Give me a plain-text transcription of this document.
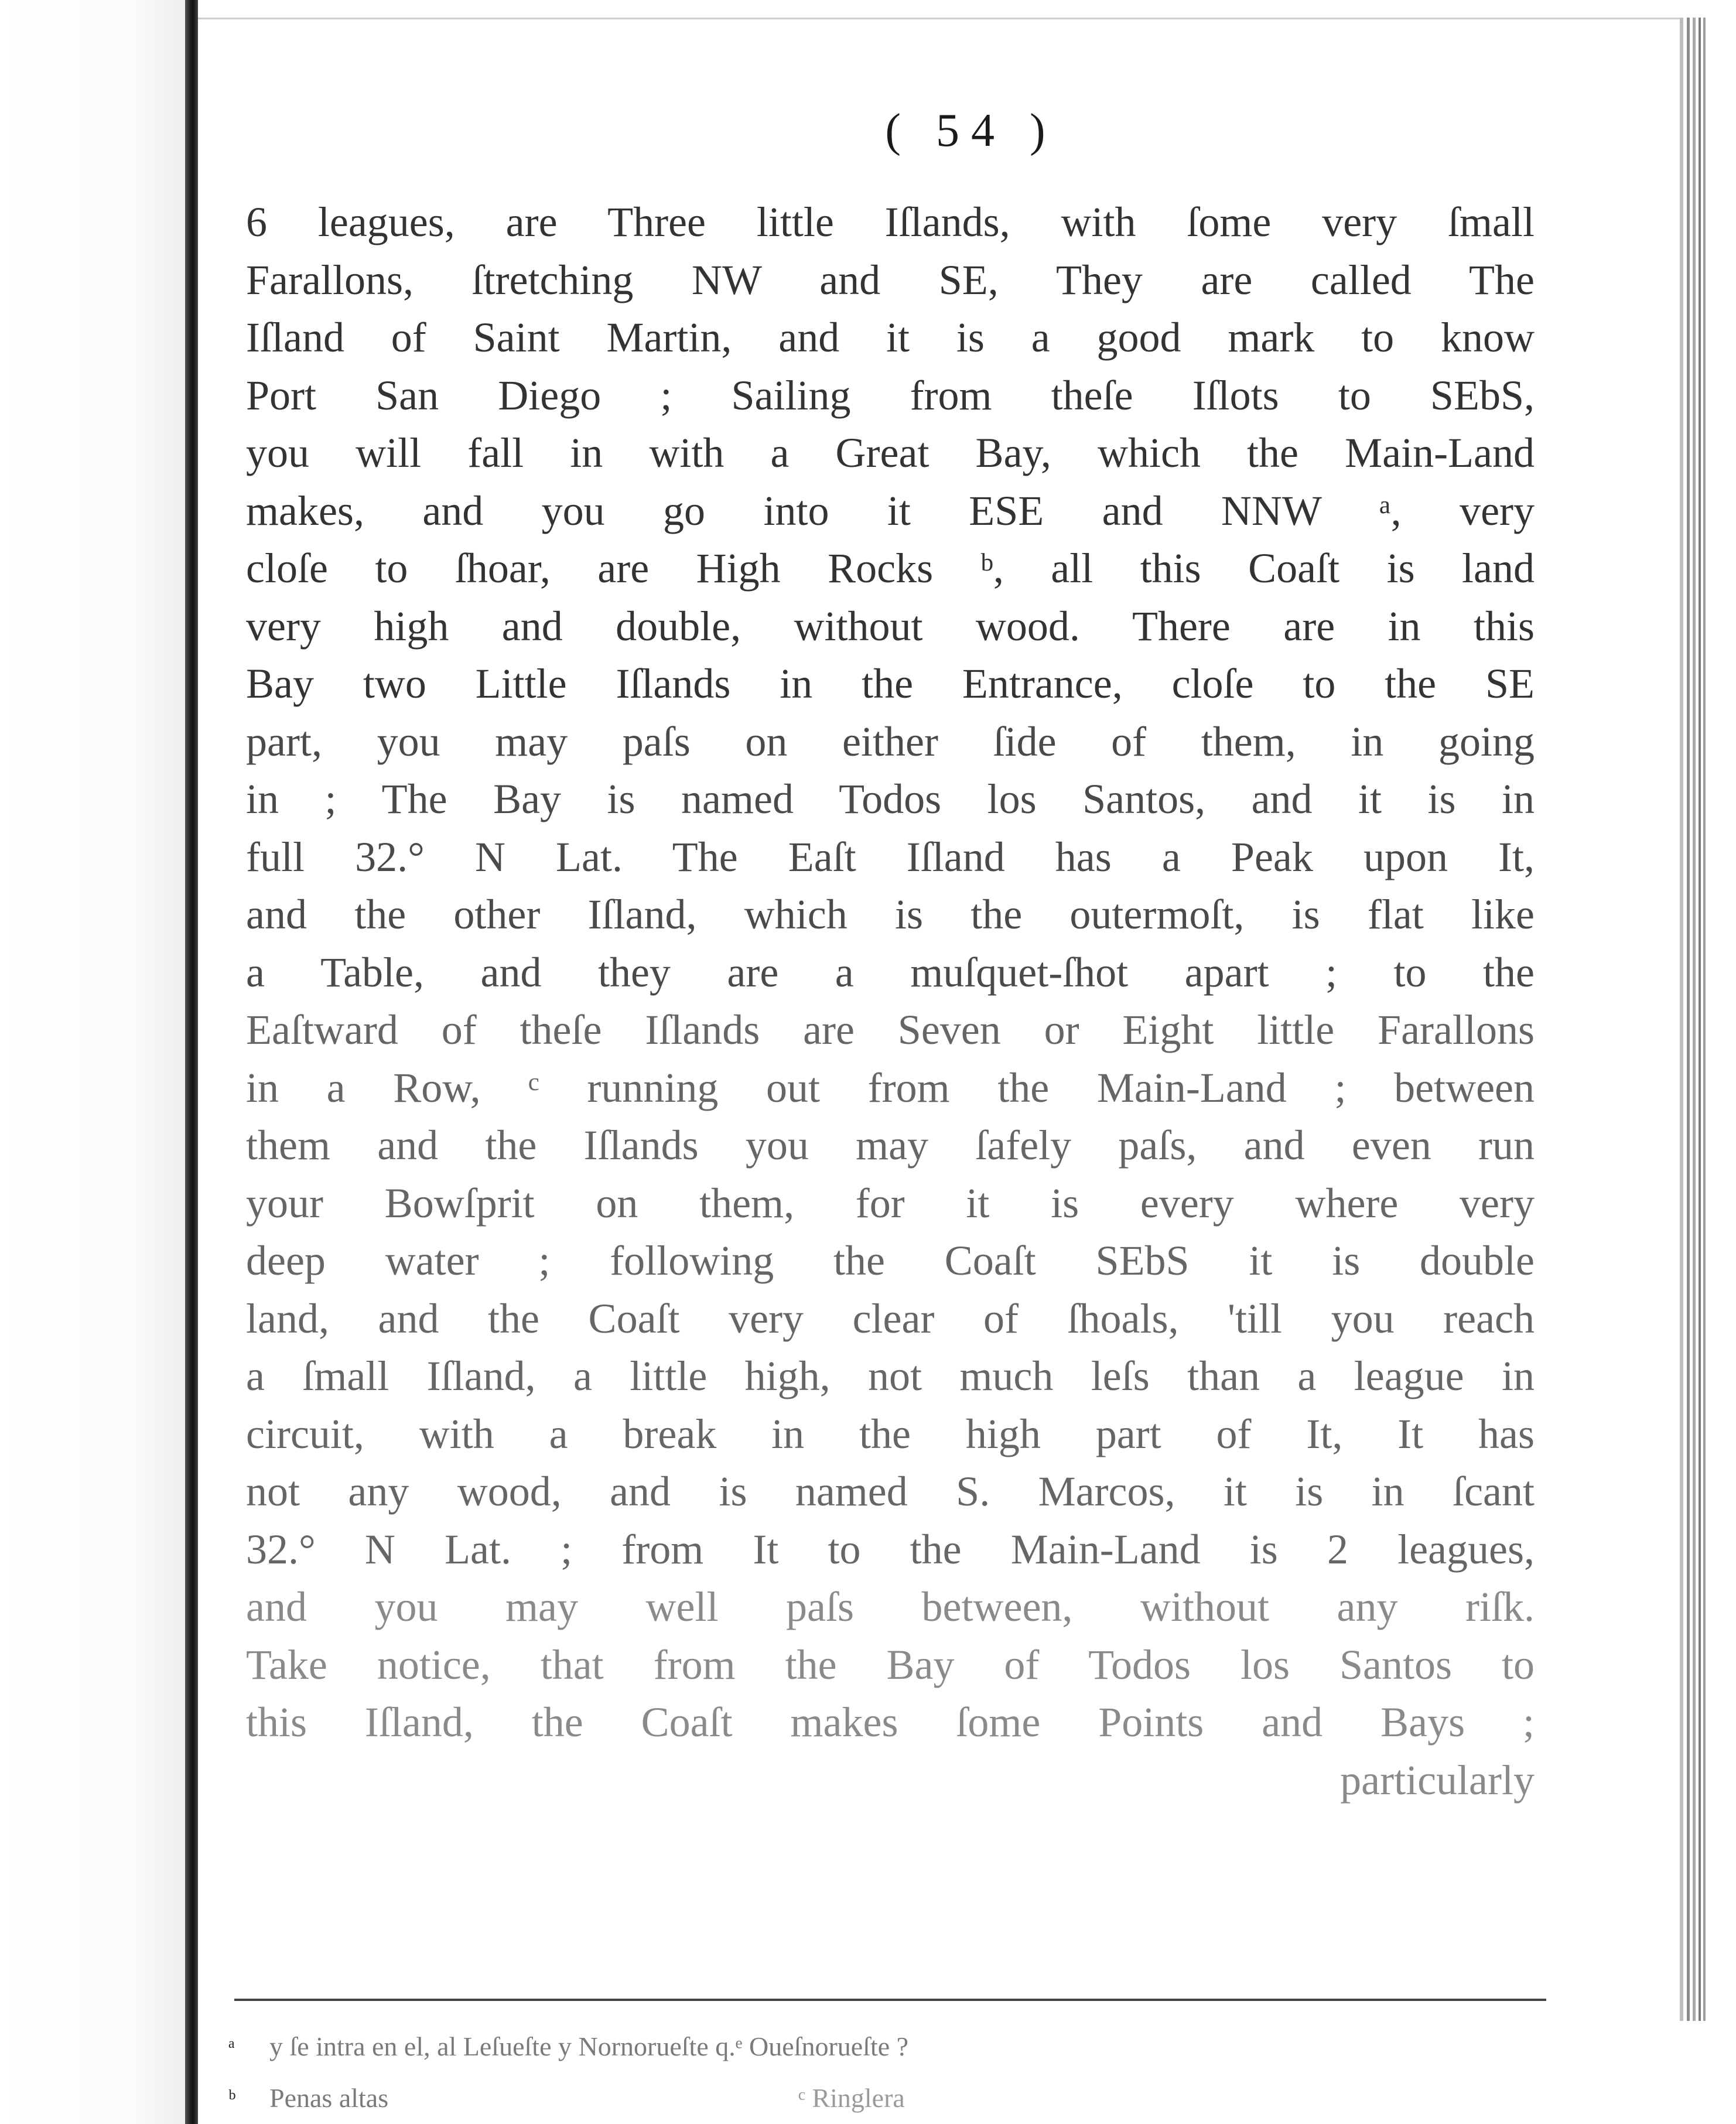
( 54 )
6 leagues, are Three little Iſlands, with ſome very ſmall
Farallons, ſtretching NW and SE, They are called The
Iſland of Saint Martin, and it is a good mark to know
Port San Diego ; Sailing from theſe Iſlots to SEbS,
you will fall in with a Great Bay, which the Main-Land
makes, and you go into it ESE and NNW ᵃ, very
cloſe to ſhoar, are High Rocks ᵇ, all this Coaſt is land
very high and double, without wood. There are in this
Bay two Little Iſlands in the Entrance, cloſe to the SE
part, you may paſs on either ſide of them, in going
in ; The Bay is named Todos los Santos, and it is in
full 32.° N Lat. The Eaſt Iſland has a Peak upon It,
and the other Iſland, which is the outermoſt, is flat like
a Table, and they are a muſquet-ſhot apart ; to the
Eaſtward of theſe Iſlands are Seven or Eight little Farallons
in a Row, ᶜ running out from the Main-Land ; between
them and the Iſlands you may ſafely paſs, and even run
your Bowſprit on them, for it is every where very
deep water ; following the Coaſt SEbS it is double
land, and the Coaſt very clear of ſhoals, 'till you reach
a ſmall Iſland, a little high, not much leſs than a league in
circuit, with a break in the high part of It, It has
not any wood, and is named S. Marcos, it is in ſcant
32.° N Lat. ; from It to the Main-Land is 2 leagues,
and you may well paſs between, without any riſk.
Take notice, that from the Bay of Todos los Santos to
this Iſland, the Coaſt makes ſome Points and Bays ;
particularly
ᵃ y ſe intra en el, al Leſueſte y Nornorueſte q.ᵉ Oueſnorueſte ?
ᵇ Penas altas	ᶜ Ringlera
